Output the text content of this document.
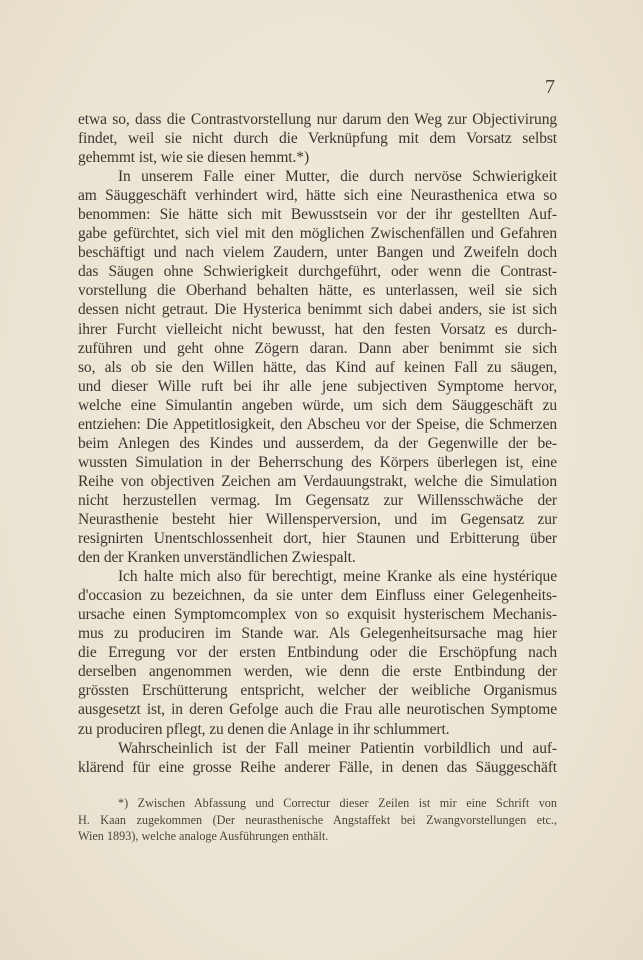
7
etwa so, dass die Contrastvorstellung nur darum den Weg zur Objectivirung
findet, weil sie nicht durch die Verknüpfung mit dem Vorsatz selbst
gehemmt ist, wie sie diesen hemmt.*)
In unserem Falle einer Mutter, die durch nervöse Schwierigkeit
am Säuggeschäft verhindert wird, hätte sich eine Neurasthenica etwa so
benommen: Sie hätte sich mit Bewusstsein vor der ihr gestellten Auf-
gabe gefürchtet, sich viel mit den möglichen Zwischenfällen und Gefahren
beschäftigt und nach vielem Zaudern, unter Bangen und Zweifeln doch
das Säugen ohne Schwierigkeit durchgeführt, oder wenn die Contrast-
vorstellung die Oberhand behalten hätte, es unterlassen, weil sie sich
dessen nicht getraut. Die Hysterica benimmt sich dabei anders, sie ist sich
ihrer Furcht vielleicht nicht bewusst, hat den festen Vorsatz es durch-
zuführen und geht ohne Zögern daran. Dann aber benimmt sie sich
so, als ob sie den Willen hätte, das Kind auf keinen Fall zu säugen,
und dieser Wille ruft bei ihr alle jene subjectiven Symptome hervor,
welche eine Simulantin angeben würde, um sich dem Säuggeschäft zu
entziehen: Die Appetitlosigkeit, den Abscheu vor der Speise, die Schmerzen
beim Anlegen des Kindes und ausserdem, da der Gegenwille der be-
wussten Simulation in der Beherrschung des Körpers überlegen ist, eine
Reihe von objectiven Zeichen am Verdauungstrakt, welche die Simulation
nicht herzustellen vermag. Im Gegensatz zur Willensschwäche der
Neurasthenie besteht hier Willensperversion, und im Gegensatz zur
resignirten Unentschlossenheit dort, hier Staunen und Erbitterung über
den der Kranken unverständlichen Zwiespalt.
Ich halte mich also für berechtigt, meine Kranke als eine hystérique
d'occasion zu bezeichnen, da sie unter dem Einfluss einer Gelegenheits-
ursache einen Symptomcomplex von so exquisit hysterischem Mechanis-
mus zu produciren im Stande war. Als Gelegenheitsursache mag hier
die Erregung vor der ersten Entbindung oder die Erschöpfung nach
derselben angenommen werden, wie denn die erste Entbindung der
grössten Erschütterung entspricht, welcher der weibliche Organismus
ausgesetzt ist, in deren Gefolge auch die Frau alle neurotischen Symptome
zu produciren pflegt, zu denen die Anlage in ihr schlummert.
Wahrscheinlich ist der Fall meiner Patientin vorbildlich und auf-
klärend für eine grosse Reihe anderer Fälle, in denen das Säuggeschäft
*) Zwischen Abfassung und Correctur dieser Zeilen ist mir eine Schrift von
H. Kaan zugekommen (Der neurasthenische Angstaffekt bei Zwangvorstellungen etc.,
Wien 1893), welche analoge Ausführungen enthält.
